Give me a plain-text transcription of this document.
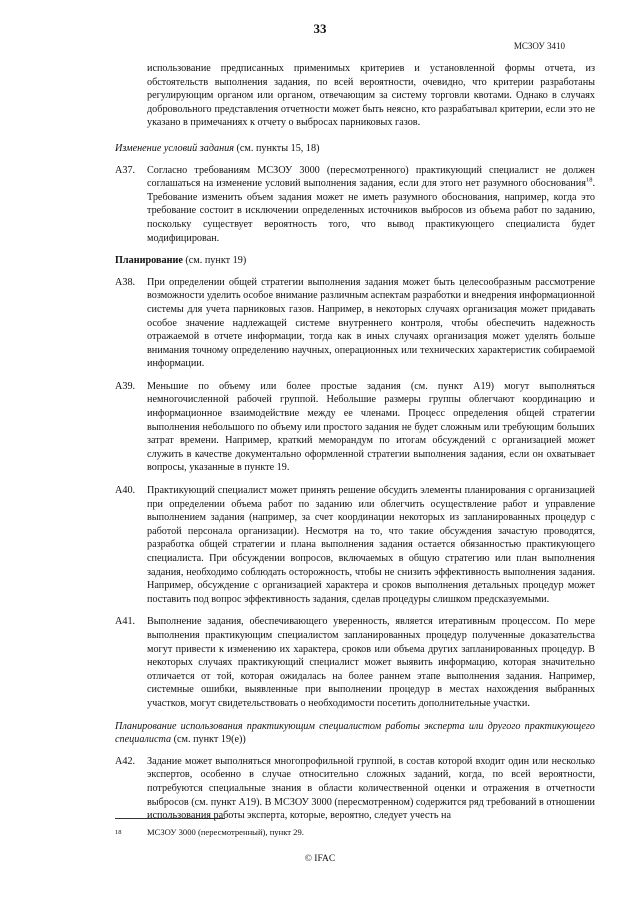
33
МСЗОУ 3410

использование предписанных применимых критериев и установленной формы отчета, из обстоятельств выполнения задания, по всей вероятности, очевидно, что критерии разработаны регулирующим органом или органом, отвечающим за систему торговли квотами. Однако в случаях добровольного представления отчетности может быть неясно, кто разрабатывал критерии, если это не указано в примечаниях к отчету о выбросах парниковых газов.

Изменение условий задания (см. пункты 15, 18)

A37.	Согласно требованиям МСЗОУ 3000 (пересмотренного) практикующий специалист не должен соглашаться на изменение условий выполнения задания, если для этого нет разумного обоснования$^{18}$. Требование изменить объем задания может не иметь разумного обоснования, например, когда это требование состоит в исключении определенных источников выбросов из объема работ по заданию, поскольку существует вероятность того, что вывод практикующего специалиста будет модифицирован.

Планирование (см. пункт 19)

A38.	При определении общей стратегии выполнения задания может быть целесообразным рассмотрение возможности уделить особое внимание различным аспектам разработки и внедрения информационной системы для учета парниковых газов. Например, в некоторых случаях организация может придавать особое значение надлежащей системе внутреннего контроля, чтобы обеспечить надежность отражаемой в отчете информации, тогда как в иных случаях организация может уделять больше внимания точному определению научных, операционных или технических характеристик собираемой информации.
A39.	Меньшие по объему или более простые задания (см. пункт A19) могут выполняться немногочисленной рабочей группой. Небольшие размеры группы облегчают координацию и информационное взаимодействие между ее членами. Процесс определения общей стратегии выполнения небольшого по объему или простого задания не будет сложным или требующим больших затрат времени. Например, краткий меморандум по итогам обсуждений с организацией может служить в качестве документально оформленной стратегии выполнения задания, если он охватывает вопросы, указанные в пункте 19.
A40.	Практикующий специалист может принять решение обсудить элементы планирования с организацией при определении объема работ по заданию или облегчить осуществление работ и управление выполнением задания (например, за счет координации некоторых из запланированных процедур с работой персонала организации). Несмотря на то, что такие обсуждения зачастую проводятся, разработка общей стратегии и плана выполнения задания остается обязанностью практикующего специалиста. При обсуждении вопросов, включаемых в общую стратегию или план выполнения задания, необходимо соблюдать осторожность, чтобы не снизить эффективность выполнения задания. Например, обсуждение с организацией характера и сроков выполнения детальных процедур может поставить под вопрос эффективность задания, сделав процедуры слишком предсказуемыми.
A41.	Выполнение задания, обеспечивающего уверенность, является итеративным процессом. По мере выполнения практикующим специалистом запланированных процедур полученные доказательства могут привести к изменению их характера, сроков или объема других запланированных процедур. В некоторых случаях практикующий специалист может выявить информацию, которая значительно отличается от той, которая ожидалась на более раннем этапе выполнения задания. Например, системные ошибки, выявленные при выполнении процедур в местах нахождения выбранных участков, могут свидетельствовать о необходимости посетить дополнительные участки.

Планирование использования практикующим специалистом работы эксперта или другого практикующего специалиста (см. пункт 19(е))

A42.	Задание может выполняться многопрофильной группой, в состав которой входит один или несколько экспертов, особенно в случае относительно сложных заданий, когда, по всей вероятности, потребуются специальные знания в области количественной оценки и отражения в отчетности выбросов (см. пункт A19). В МСЗОУ 3000 (пересмотренном) содержится ряд требований в отношении использования работы эксперта, которые, вероятно, следует учесть на
18	МСЗОУ 3000 (пересмотренный), пункт 29.
© IFAC
